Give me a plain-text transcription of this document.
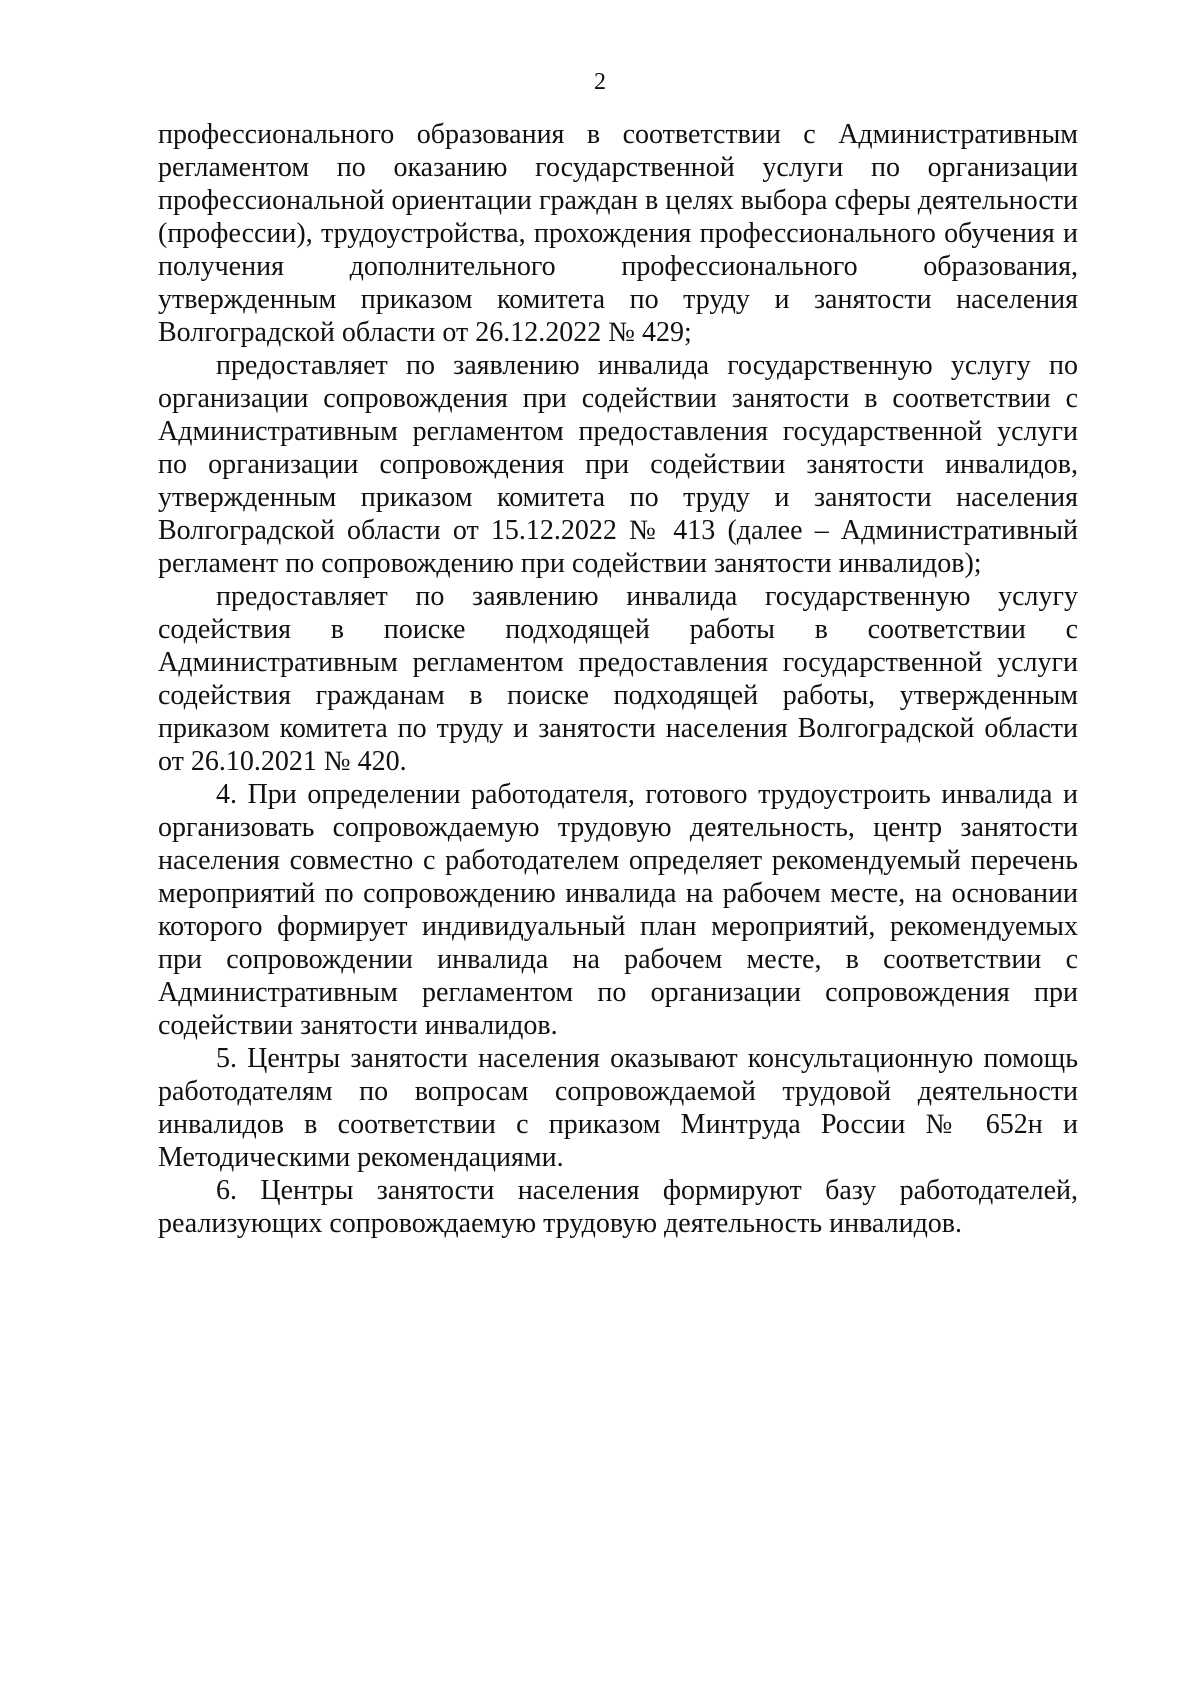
2

профессионального образования в соответствии с Административным регламентом по оказанию государственной услуги по организации профессиональной ориентации граждан в целях выбора сферы деятельности (профессии), трудоустройства, прохождения профессионального обучения и получения дополнительного профессионального образования, утвержденным приказом комитета по труду и занятости населения Волгоградской области от 26.12.2022 № 429;

предоставляет по заявлению инвалида государственную услугу по организации сопровождения при содействии занятости в соответствии с Административным регламентом предоставления государственной услуги по организации сопровождения при содействии занятости инвалидов, утвержденным приказом комитета по труду и занятости населения Волгоградской области от 15.12.2022 № 413 (далее – Административный регламент по сопровождению при содействии занятости инвалидов);

предоставляет по заявлению инвалида государственную услугу содействия в поиске подходящей работы в соответствии с Административным регламентом предоставления государственной услуги содействия гражданам в поиске подходящей работы, утвержденным приказом комитета по труду и занятости населения Волгоградской области от 26.10.2021 № 420.

4. При определении работодателя, готового трудоустроить инвалида и организовать сопровождаемую трудовую деятельность, центр занятости населения совместно с работодателем определяет рекомендуемый перечень мероприятий по сопровождению инвалида на рабочем месте, на основании которого формирует индивидуальный план мероприятий, рекомендуемых при сопровождении инвалида на рабочем месте, в соответствии с Административным регламентом по организации сопровождения при содействии занятости инвалидов.

5. Центры занятости населения оказывают консультационную помощь работодателям по вопросам сопровождаемой трудовой деятельности инвалидов в соответствии с приказом Минтруда России № 652н и Методическими рекомендациями.

6. Центры занятости населения формируют базу работодателей, реализующих сопровождаемую трудовую деятельность инвалидов.
